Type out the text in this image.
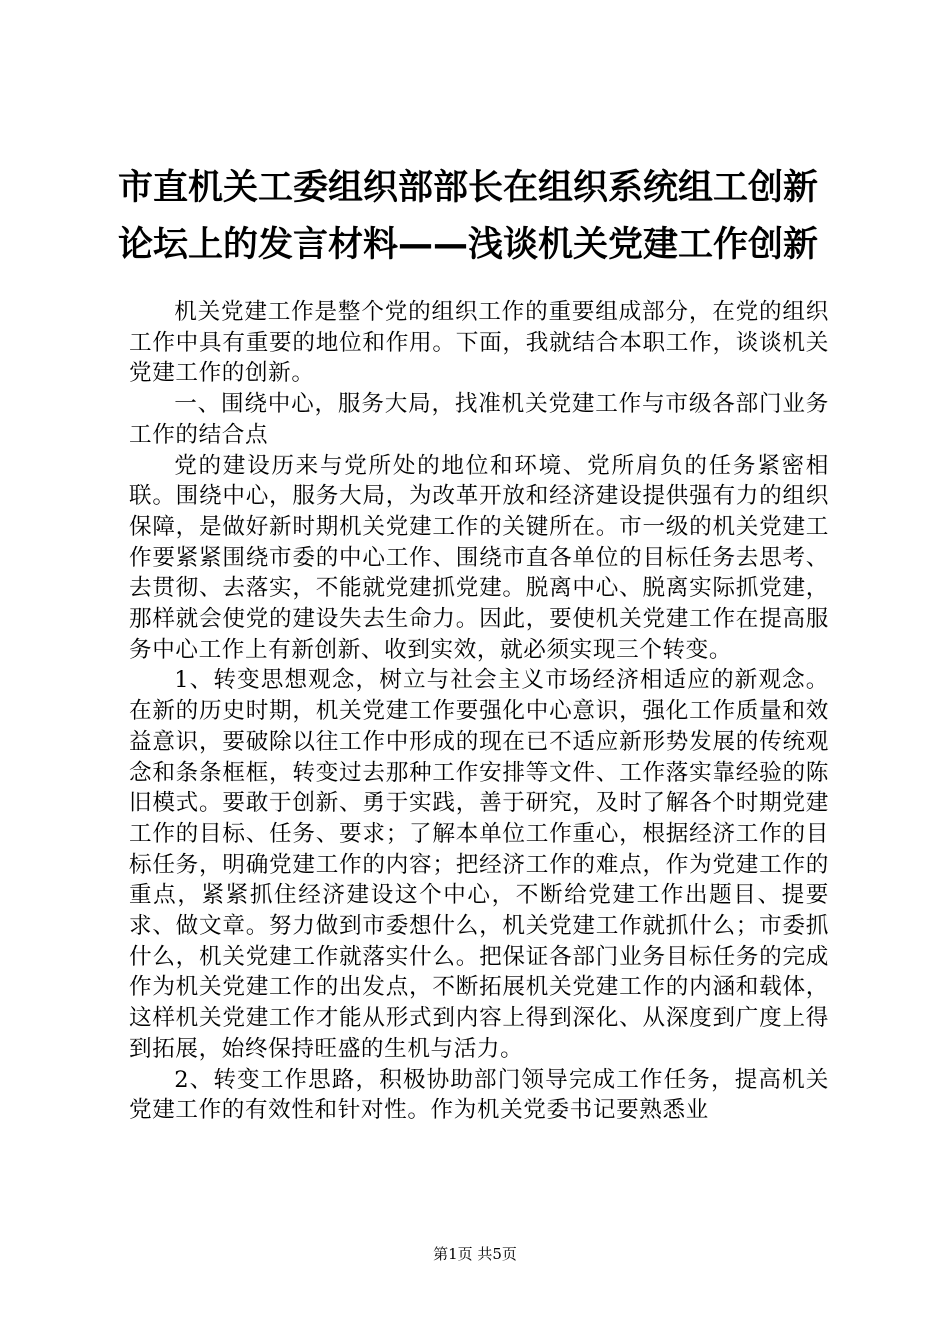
市直机关工委组织部部长在组织系统组工创新
论坛上的发言材料——浅谈机关党建工作创新

机关党建工作是整个党的组织工作的重要组成部分，在党的组织工作中具有重要的地位和作用。下面，我就结合本职工作，谈谈机关党建工作的创新。

一、围绕中心，服务大局，找准机关党建工作与市级各部门业务工作的结合点

党的建设历来与党所处的地位和环境、党所肩负的任务紧密相联。围绕中心，服务大局，为改革开放和经济建设提供强有力的组织保障，是做好新时期机关党建工作的关键所在。市一级的机关党建工作要紧紧围绕市委的中心工作、围绕市直各单位的目标任务去思考、去贯彻、去落实，不能就党建抓党建。脱离中心、脱离实际抓党建，那样就会使党的建设失去生命力。因此，要使机关党建工作在提高服务中心工作上有新创新、收到实效，就必须实现三个转变。

1、转变思想观念，树立与社会主义市场经济相适应的新观念。在新的历史时期，机关党建工作要强化中心意识，强化工作质量和效益意识，要破除以往工作中形成的现在已不适应新形势发展的传统观念和条条框框，转变过去那种工作安排等文件、工作落实靠经验的陈旧模式。要敢于创新、勇于实践，善于研究，及时了解各个时期党建工作的目标、任务、要求；了解本单位工作重心，根据经济工作的目标任务，明确党建工作的内容；把经济工作的难点，作为党建工作的重点，紧紧抓住经济建设这个中心，不断给党建工作出题目、提要求、做文章。努力做到市委想什么，机关党建工作就抓什么；市委抓什么，机关党建工作就落实什么。把保证各部门业务目标任务的完成作为机关党建工作的出发点，不断拓展机关党建工作的内涵和载体，这样机关党建工作才能从形式到内容上得到深化、从深度到广度上得到拓展，始终保持旺盛的生机与活力。

2、转变工作思路，积极协助部门领导完成工作任务，提高机关党建工作的有效性和针对性。作为机关党委书记要熟悉业

第1页 共5页
